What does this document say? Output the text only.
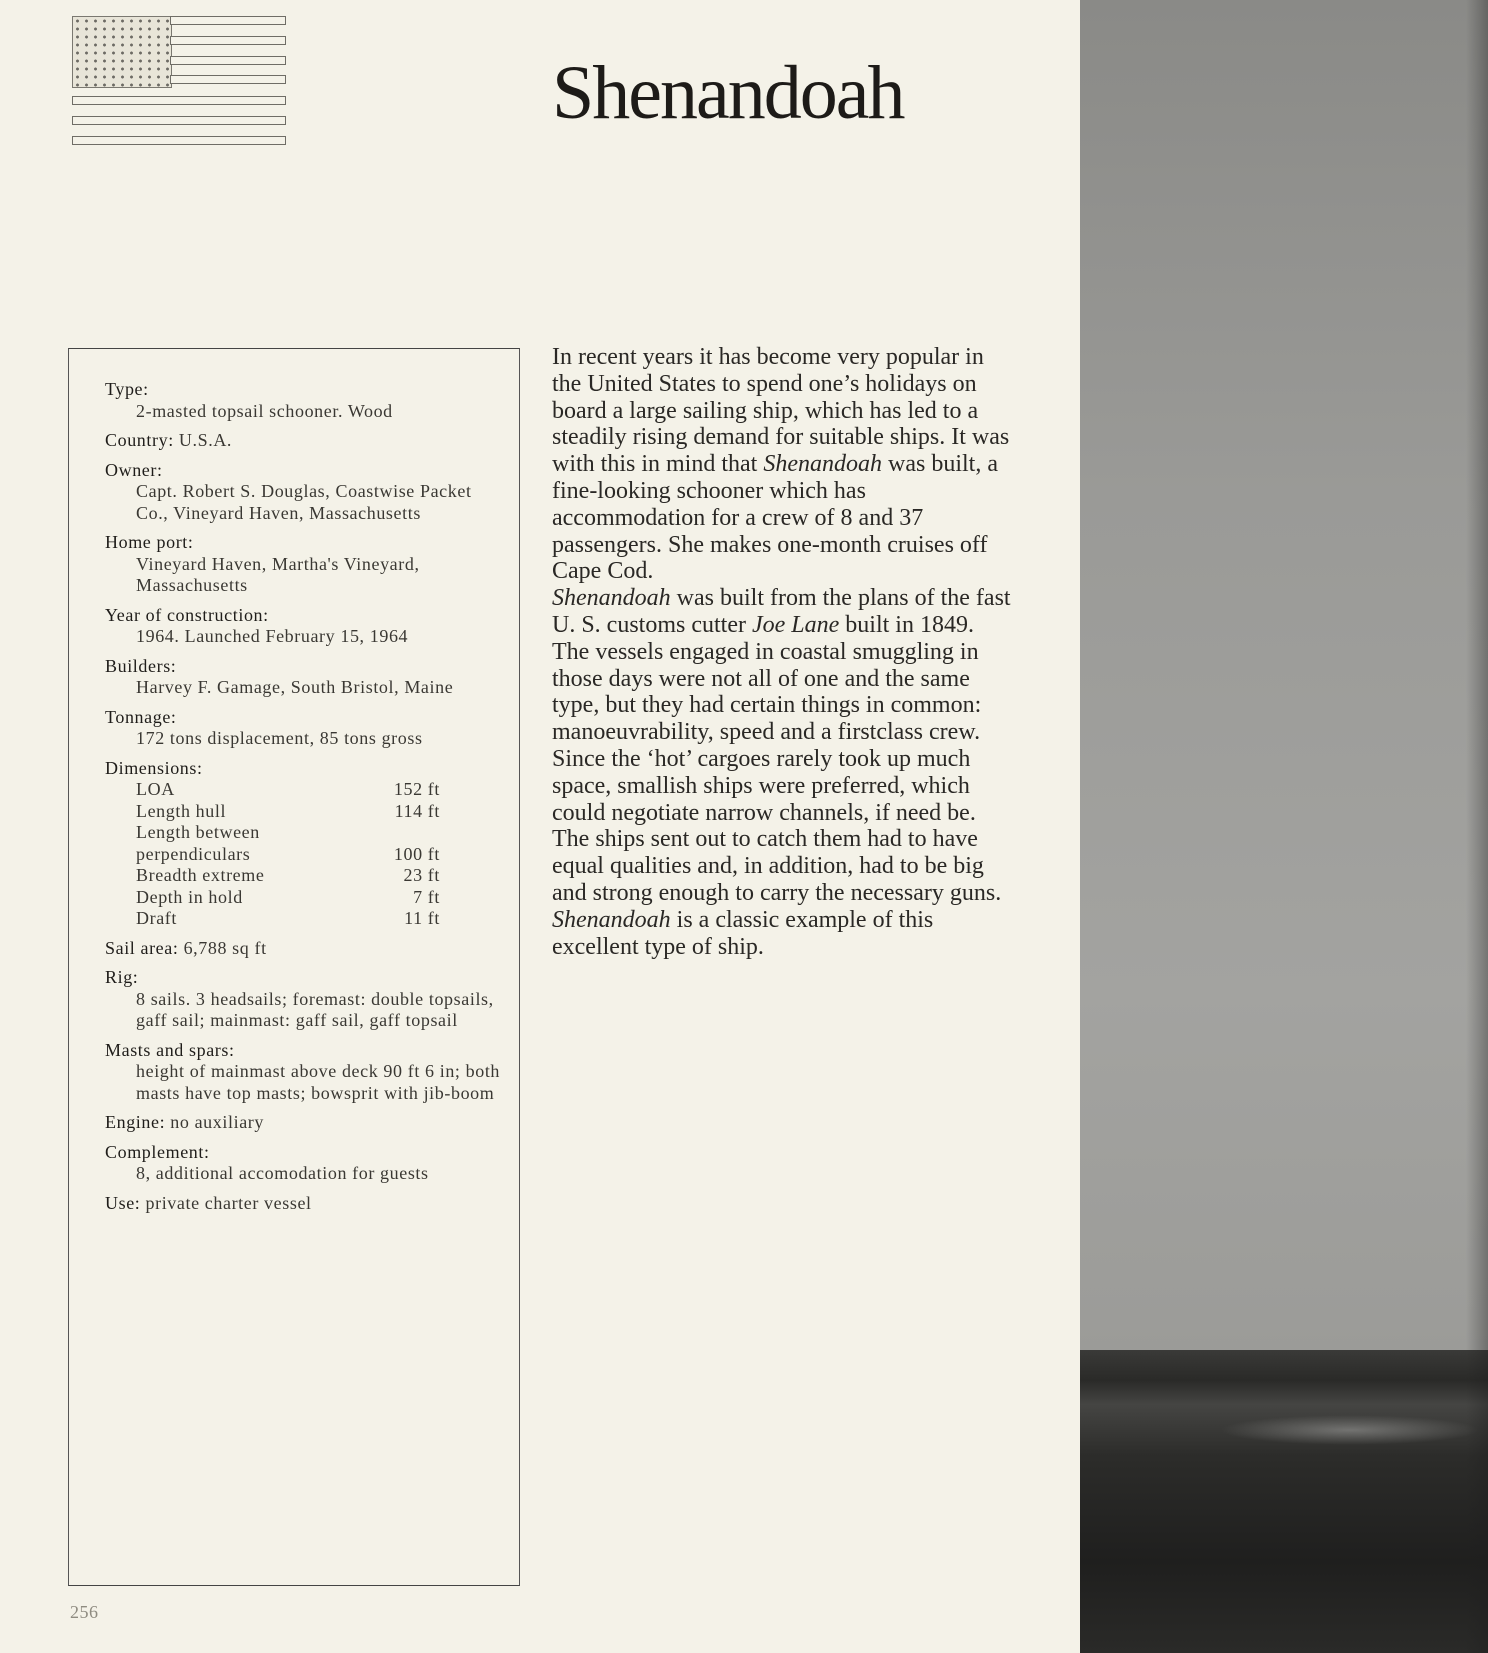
Shenandoah
Type:
2-masted topsail schooner. Wood
Country: U.S.A.
Owner:
Capt. Robert S. Douglas, Coastwise Packet Co., Vineyard Haven, Massachusetts
Home port:
Vineyard Haven, Martha's Vineyard, Massachusetts
Year of construction:
1964. Launched February 15, 1964
Builders:
Harvey F. Gamage, South Bristol, Maine
Tonnage:
172 tons displacement, 85 tons gross
Dimensions:
LOA	152 ft
Length hull	114 ft
Length between
perpendiculars	100 ft
Breadth extreme	23 ft
Depth in hold	7 ft
Draft	11 ft
Sail area: 6,788 sq ft
Rig:
8 sails. 3 headsails; foremast: double topsails, gaff sail; mainmast: gaff sail, gaff topsail
Masts and spars:
height of mainmast above deck 90 ft 6 in; both masts have top masts; bowsprit with jib-boom
Engine: no auxiliary
Complement:
8, additional accomodation for guests
Use: private charter vessel

In recent years it has become very popular in the United States to spend one’s holidays on board a large sailing ship, which has led to a steadily rising demand for suitable ships. It was with this in mind that Shenandoah was built, a fine-looking schooner which has accommodation for a crew of 8 and 37 passengers. She makes one-month cruises off Cape Cod.

Shenandoah was built from the plans of the fast U. S. customs cutter Joe Lane built in 1849.

The vessels engaged in coastal smuggling in those days were not all of one and the same type, but they had certain things in common: manoeuvrability, speed and a firstclass crew. Since the ‘hot’ cargoes rarely took up much space, smallish ships were preferred, which could negotiate narrow channels, if need be. The ships sent out to catch them had to have equal qualities and, in addition, had to be big and strong enough to carry the necessary guns. Shenandoah is a classic example of this excellent type of ship.

256
